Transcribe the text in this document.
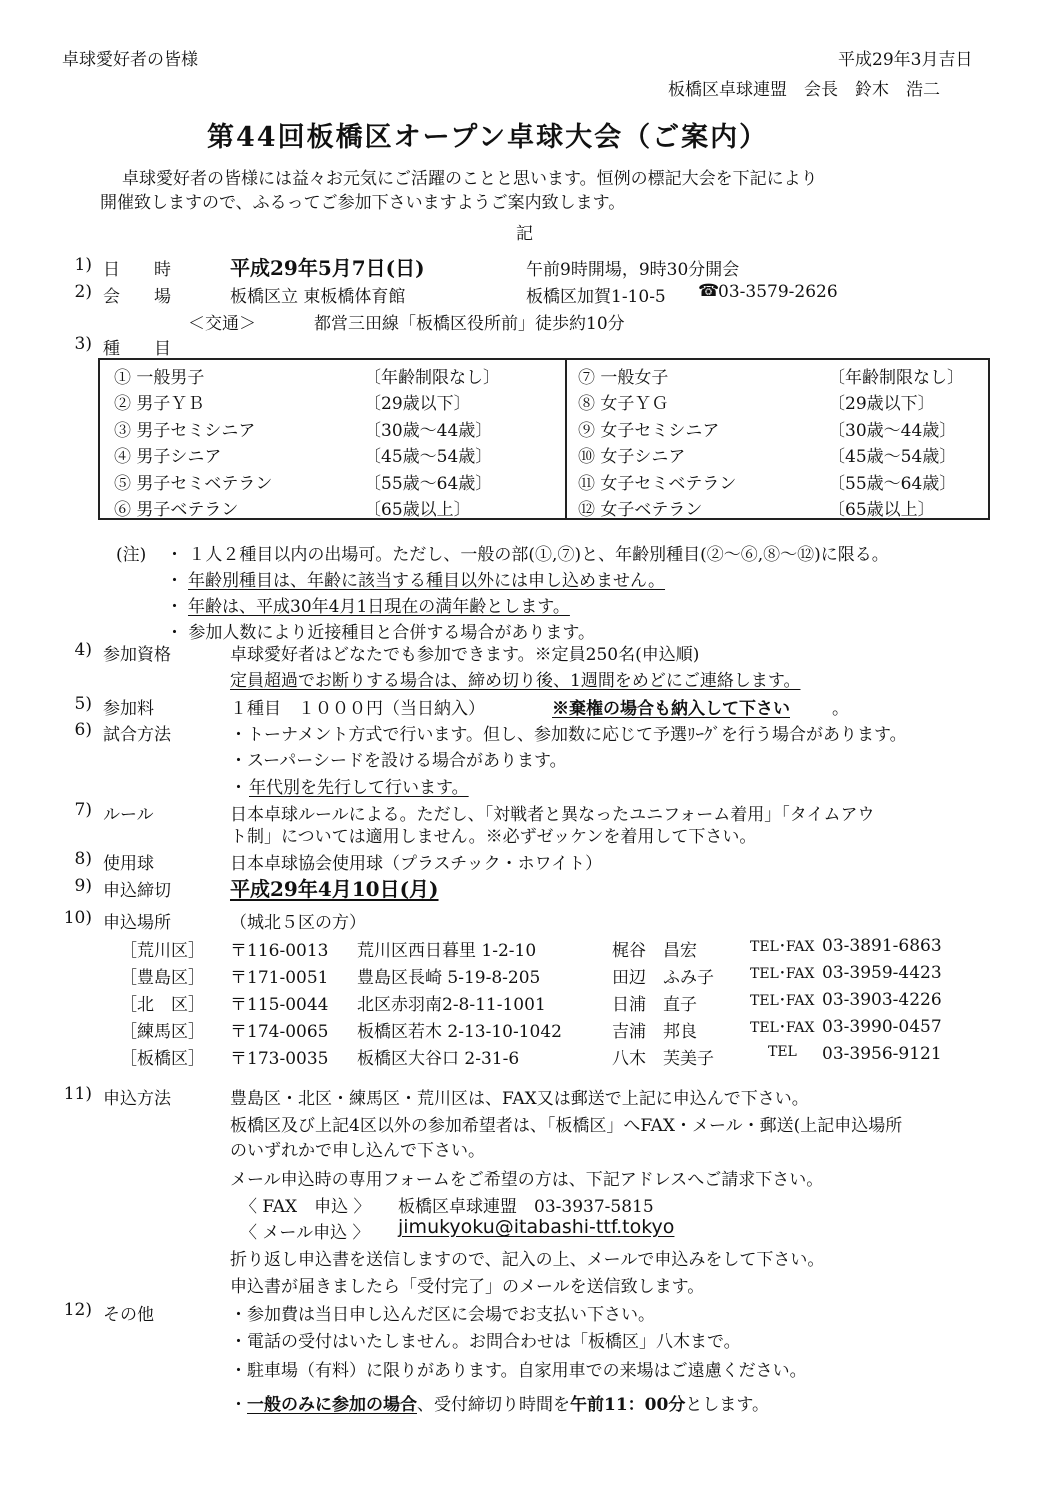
卓球愛好者の皆様	平成29年3月吉日
板橋区卓球連盟　会長　鈴木　浩二
第44回板橋区オープン卓球大会（ご案内）
卓球愛好者の皆様には益々お元気にご活躍のことと思います。恒例の標記大会を下記により
開催致しますので、ふるってご参加下さいますようご案内致します。
記
1) 日　　時	平成29年5月7日(日)	午前9時開場，9時30分開会
2) 会　　場	板橋区立 東板橋体育館	板橋区加賀1-10-5 ☎
03-3579-2626
＜交通＞	都営三田線「板橋区役所前」徒歩約10分
3) 種　　目
① 一般男子	〔年齢制限なし〕
② 男子ＹＢ	〔29歳以下〕
③ 男子セミシニア	〔30歳〜44歳〕
④ 男子シニア	〔45歳〜54歳〕
⑤ 男子セミベテラン	〔55歳〜64歳〕
⑥ 男子ベテラン	〔65歳以上〕
⑦ 一般女子	〔年齢制限なし〕
⑧ 女子ＹＧ	〔29歳以下〕
⑨ 女子セミシニア	〔30歳〜44歳〕
⑩ 女子シニア	〔45歳〜54歳〕
⑪ 女子セミベテラン	〔55歳〜64歳〕
⑫ 女子ベテラン	〔65歳以上〕
(注) ・ １人２種目以内の出場可。ただし、一般の部(①,⑦)と、年齢別種目(②〜⑥,⑧〜⑫)に限る。
・ 年齢別種目は、年齢に該当する種目以外には申し込めません。
・ 年齢は、平成30年4月1日現在の満年齢とします。
・ 参加人数により近接種目と合併する場合があります。
4) 参加資格	卓球愛好者はどなたでも参加できます。※定員250名(申込順)
定員超過でお断りする場合は、締め切り後、1週間をめどにご連絡します。
5) 参加料	１種目　１０００円（当日納入）	※棄権の場合も納入して下さい 。
6) 試合方法	・トーナメント方式で行います。但し、参加数に応じて予選ﾘｰｸﾞを行う場合があります。
・スーパーシードを設ける場合があります。
・ 年代別を先行して行います。
7) ルール	日本卓球ルールによる。ただし、「対戦者と異なったユニフォーム着用」「タイムアウ
ト制」については適用しません。※必ずゼッケンを着用して下さい。
8) 使用球	日本卓球協会使用球（プラスチック・ホワイト）
9) 申込締切	平成29年4月10日(月)
10) 申込場所	（城北５区の方）
［荒川区］ 〒116-0013 荒川区西日暮里 1-2-10	梶谷　昌宏	TEL･FAX 03-3891-6863
［豊島区］ 〒171-0051 豊島区長崎 5-19-8-205	田辺　ふみ子	TEL･FAX 03-3959-4423
［北　区］ 〒115-0044 北区赤羽南2-8-11-1001	日浦　直子	TEL･FAX 03-3903-4226
［練馬区］ 〒174-0065 板橋区若木 2-13-10-1042	吉浦　邦良	TEL･FAX 03-3990-0457
［板橋区］ 〒173-0035 板橋区大谷口 2-31-6	八木　芙美子	TEL 03-3956-9121
11) 申込方法	豊島区・北区・練馬区・荒川区は、FAX又は郵送で上記に申込んで下さい。
板橋区及び上記4区以外の参加希望者は、「板橋区」へFAX・メール・郵送(上記申込場所
のいずれかで申し込んで下さい。
メール申込時の専用フォームをご希望の方は、下記アドレスへご請求下さい。
〈 FAX　申込 〉 板橋区卓球連盟　03-3937-5815
〈 メール申込 〉 jimukyoku@itabashi-ttf.tokyo
折り返し申込書を送信しますので、記入の上、メールで申込みをして下さい。
申込書が届きましたら「受付完了」のメールを送信致します。
12) その他	・参加費は当日申し込んだ区に会場でお支払い下さい。
・電話の受付はいたしません。お問合わせは「板橋区」八木まで。
・駐車場（有料）に限りがあります。自家用車での来場はご遠慮ください。
・一般のみに参加の場合、受付締切り時間を午前11：00分とします。
